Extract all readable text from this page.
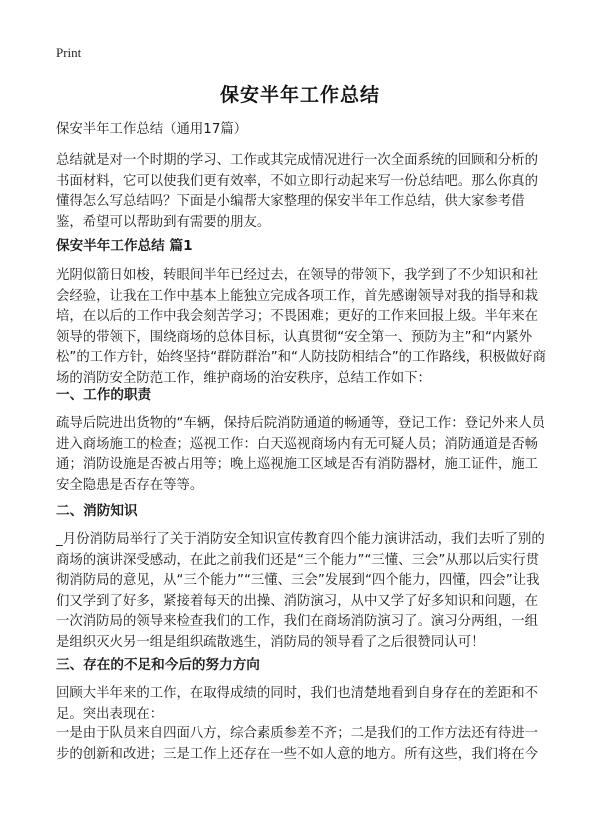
Print
保安半年工作总结
保安半年工作总结（通用17篇）
总结就是对一个时期的学习、工作或其完成情况进行一次全面系统的回顾和分析的书面材料，它可以使我们更有效率，不如立即行动起来写一份总结吧。那么你真的懂得怎么写总结吗？下面是小编帮大家整理的保安半年工作总结，供大家参考借鉴，希望可以帮助到有需要的朋友。
保安半年工作总结 篇1
光阴似箭日如梭，转眼间半年已经过去，在领导的带领下，我学到了不少知识和社会经验，让我在工作中基本上能独立完成各项工作，首先感谢领导对我的指导和栽培，在以后的工作中我会刻苦学习；不畏困难；更好的工作来回报上级。半年来在领导的带领下，围绕商场的总体目标，认真贯彻“安全第一、预防为主”和“内紧外松”的工作方针，始终坚持“群防群治”和“人防技防相结合”的工作路线，积极做好商场的消防安全防范工作，维护商场的治安秩序，总结工作如下：
一、工作的职责
疏导后院进出货物的“车辆，保持后院消防通道的畅通等，登记工作：登记外来人员进入商场施工的检查；巡视工作：白天巡视商场内有无可疑人员；消防通道是否畅通；消防设施是否被占用等；晚上巡视施工区域是否有消防器材，施工证件，施工安全隐患是否存在等等。
二、消防知识
_月份消防局举行了关于消防安全知识宣传教育四个能力演讲活动，我们去听了别的商场的演讲深受感动，在此之前我们还是“三个能力”“三懂、三会”从那以后实行贯彻消防局的意见，从“三个能力”“三懂、三会”发展到“四个能力，四懂，四会”让我们又学到了好多，紧接着每天的出操、消防演习，从中又学了好多知识和问题，在一次消防局的领导来检查我们的工作，我们在商场消防演习了。演习分两组，一组是组织灭火另一组是组织疏散逃生，消防局的领导看了之后很赞同认可！
三、存在的不足和今后的努力方向
回顾大半年来的工作，在取得成绩的同时，我们也清楚地看到自身存在的差距和不足。突出表现在：
一是由于队员来自四面八方，综合素质参差不齐；二是我们的工作方法还有待进一步的创新和改进；三是工作上还存在一些不如人意的地方。所有这些，我们将在今
